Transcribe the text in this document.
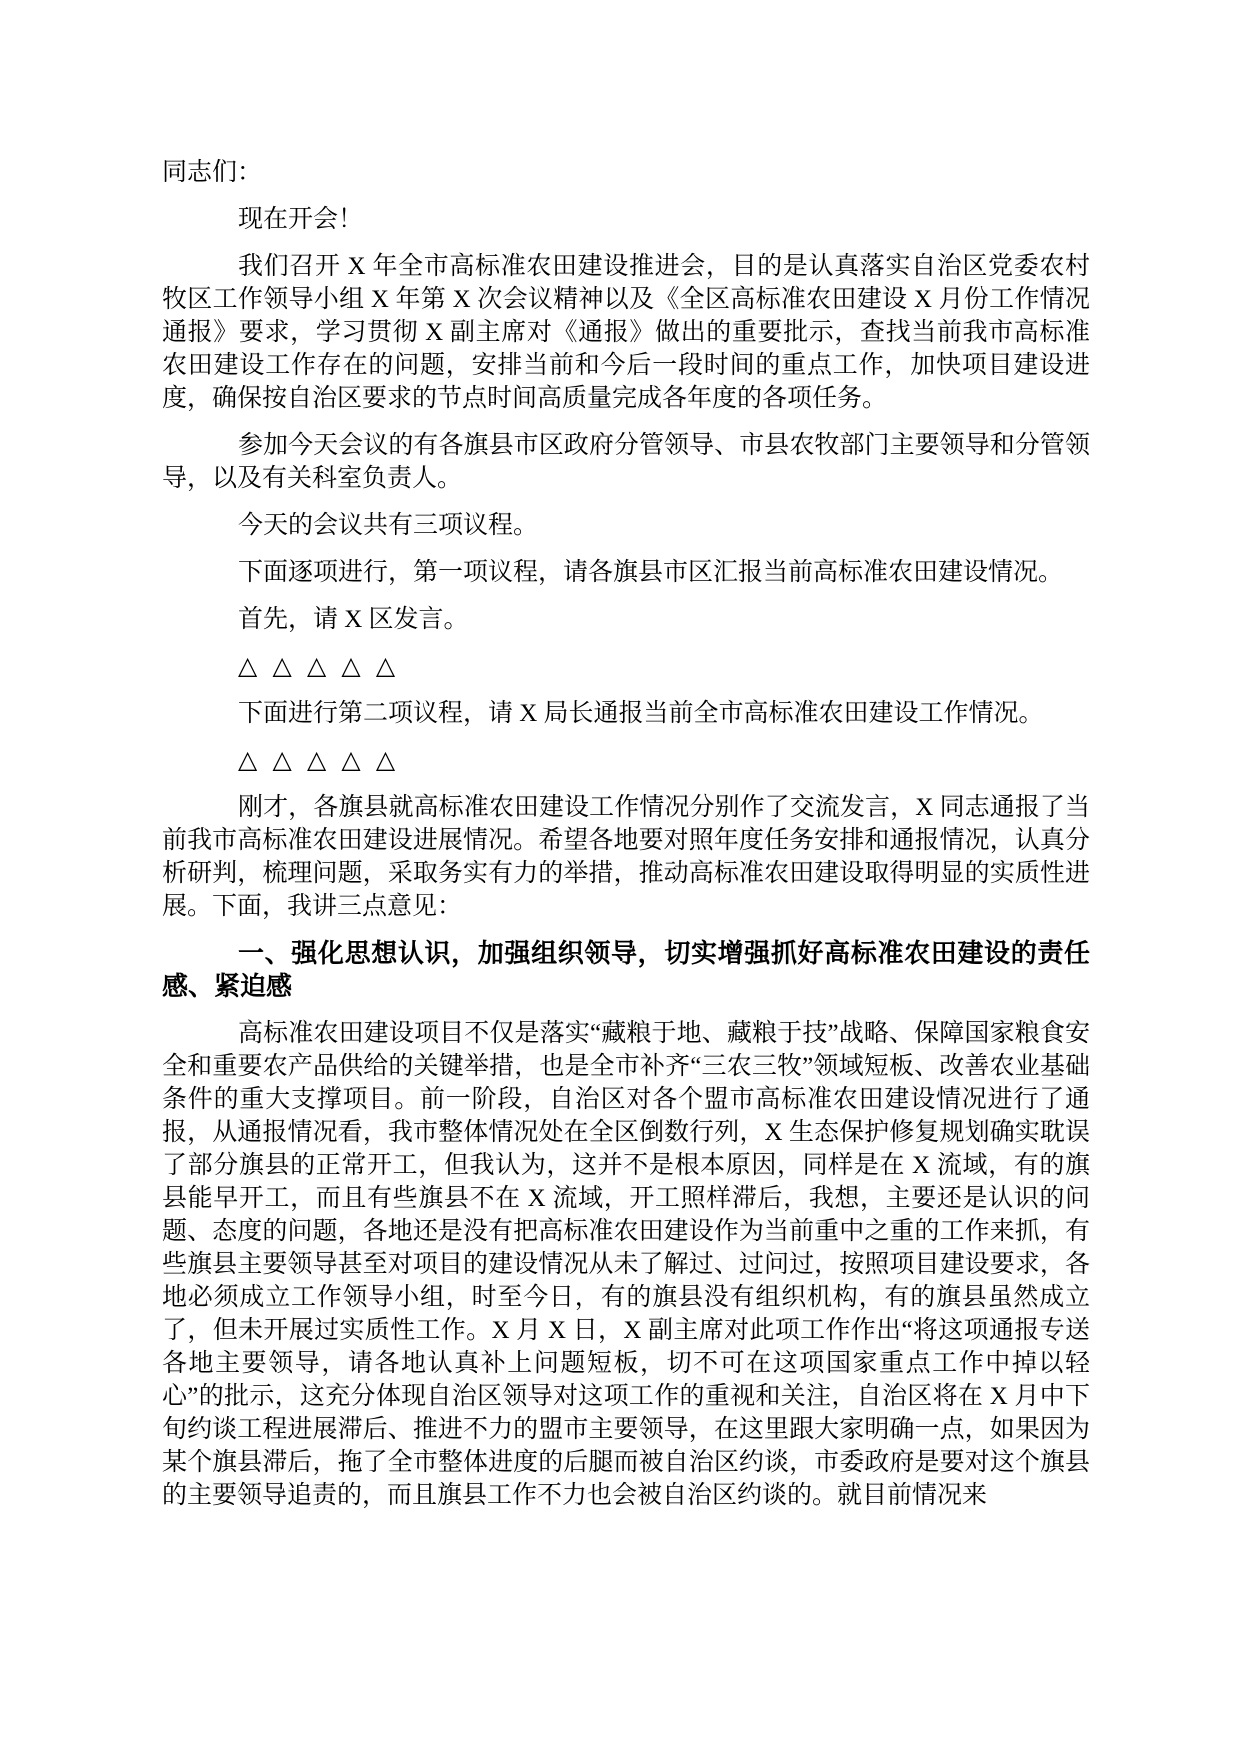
同志们：

现在开会！

我们召开 X 年全市高标准农田建设推进会，目的是认真落实自治区党委农村牧区工作领导小组 X 年第 X 次会议精神以及《全区高标准农田建设 X 月份工作情况通报》要求，学习贯彻 X 副主席对《通报》做出的重要批示，查找当前我市高标准农田建设工作存在的问题，安排当前和今后一段时间的重点工作，加快项目建设进度，确保按自治区要求的节点时间高质量完成各年度的各项任务。

参加今天会议的有各旗县市区政府分管领导、市县农牧部门主要领导和分管领导，以及有关科室负责人。

今天的会议共有三项议程。

下面逐项进行，第一项议程，请各旗县市区汇报当前高标准农田建设情况。

首先，请 X 区发言。

△ △ △ △ △

下面进行第二项议程，请 X 局长通报当前全市高标准农田建设工作情况。

△ △ △ △ △

刚才，各旗县就高标准农田建设工作情况分别作了交流发言，X 同志通报了当前我市高标准农田建设进展情况。希望各地要对照年度任务安排和通报情况，认真分析研判，梳理问题，采取务实有力的举措，推动高标准农田建设取得明显的实质性进展。下面，我讲三点意见：

一、强化思想认识，加强组织领导，切实增强抓好高标准农田建设的责任感、紧迫感

高标准农田建设项目不仅是落实“藏粮于地、藏粮于技”战略、保障国家粮食安全和重要农产品供给的关键举措，也是全市补齐“三农三牧”领域短板、改善农业基础条件的重大支撑项目。前一阶段，自治区对各个盟市高标准农田建设情况进行了通报，从通报情况看，我市整体情况处在全区倒数行列，X 生态保护修复规划确实耽误了部分旗县的正常开工，但我认为，这并不是根本原因，同样是在 X 流域，有的旗县能早开工，而且有些旗县不在 X 流域，开工照样滞后，我想，主要还是认识的问题、态度的问题，各地还是没有把高标准农田建设作为当前重中之重的工作来抓，有些旗县主要领导甚至对项目的建设情况从未了解过、过问过，按照项目建设要求，各地必须成立工作领导小组，时至今日，有的旗县没有组织机构，有的旗县虽然成立了，但未开展过实质性工作。X 月 X 日，X 副主席对此项工作作出“将这项通报专送各地主要领导，请各地认真补上问题短板，切不可在这项国家重点工作中掉以轻心”的批示，这充分体现自治区领导对这项工作的重视和关注，自治区将在 X 月中下旬约谈工程进展滞后、推进不力的盟市主要领导，在这里跟大家明确一点，如果因为某个旗县滞后，拖了全市整体进度的后腿而被自治区约谈，市委政府是要对这个旗县的主要领导追责的，而且旗县工作不力也会被自治区约谈的。就目前情况来
